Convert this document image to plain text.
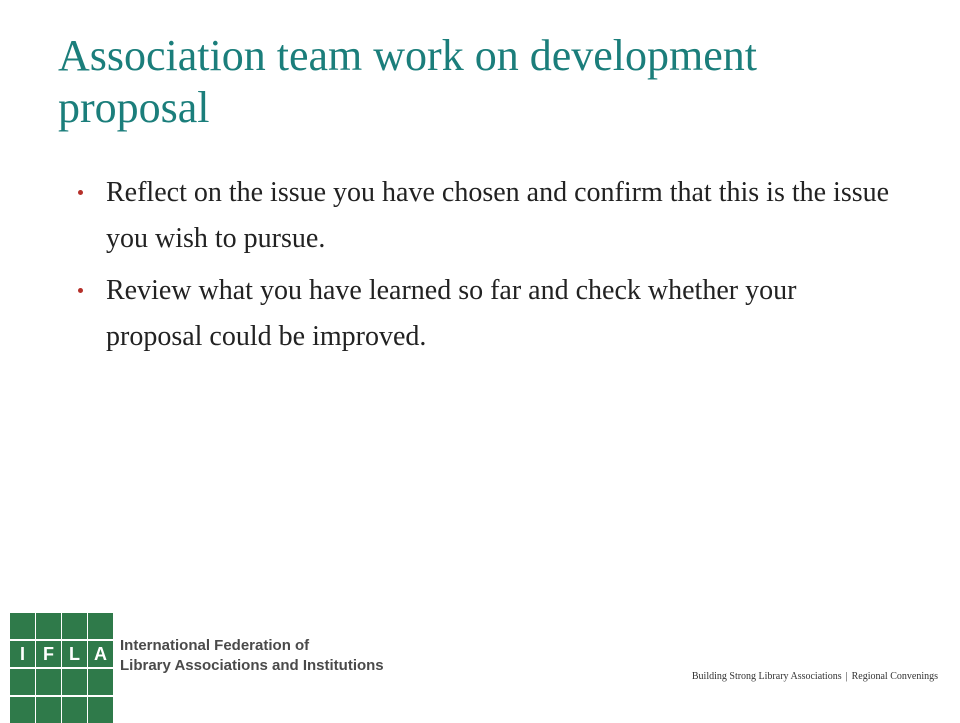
Association team work on development proposal
Reflect on the issue you have chosen and confirm that this is the issue you wish to pursue.
Review what you have learned so far and check whether your proposal could be improved.
I	F L A International Federation of
Library Associations and Institutions
Building Strong Library Associations | Regional Convenings
